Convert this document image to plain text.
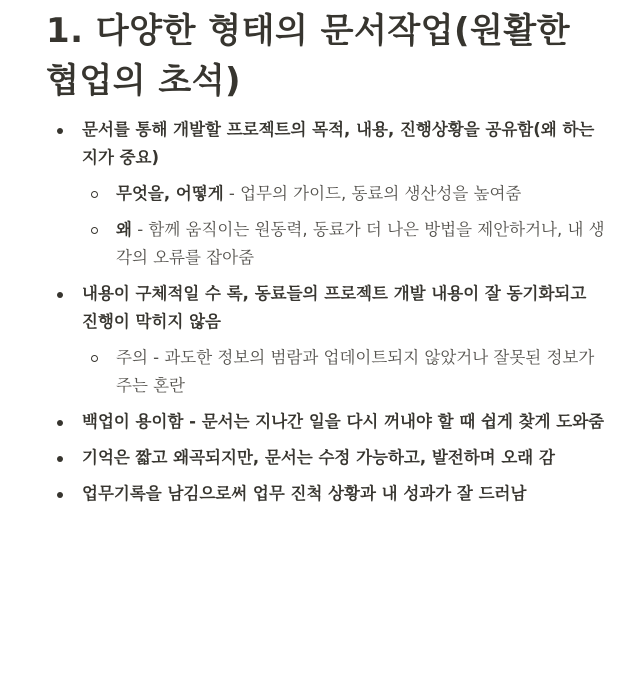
1. 다양한 형태의 문서작업(원활한 협업의 초석)
문서를 통해 개발할 프로젝트의 목적, 내용, 진행상황을 공유함(왜 하는지가 중요)
무엇을, 어떻게 - 업무의 가이드, 동료의 생산성을 높여줌
왜 - 함께 움직이는 원동력, 동료가 더 나은 방법을 제안하거나, 내 생각의 오류를 잡아줌
내용이 구체적일 수 록, 동료들의 프로젝트 개발 내용이 잘 동기화되고 진행이 막히지 않음
주의 - 과도한 정보의 범람과 업데이트되지 않았거나 잘못된 정보가 주는 혼란
백업이 용이함 - 문서는 지나간 일을 다시 꺼내야 할 때 쉽게 찾게 도와줌
기억은 짧고 왜곡되지만, 문서는 수정 가능하고, 발전하며 오래 감
업무기록을 남김으로써 업무 진척 상황과 내 성과가 잘 드러남
